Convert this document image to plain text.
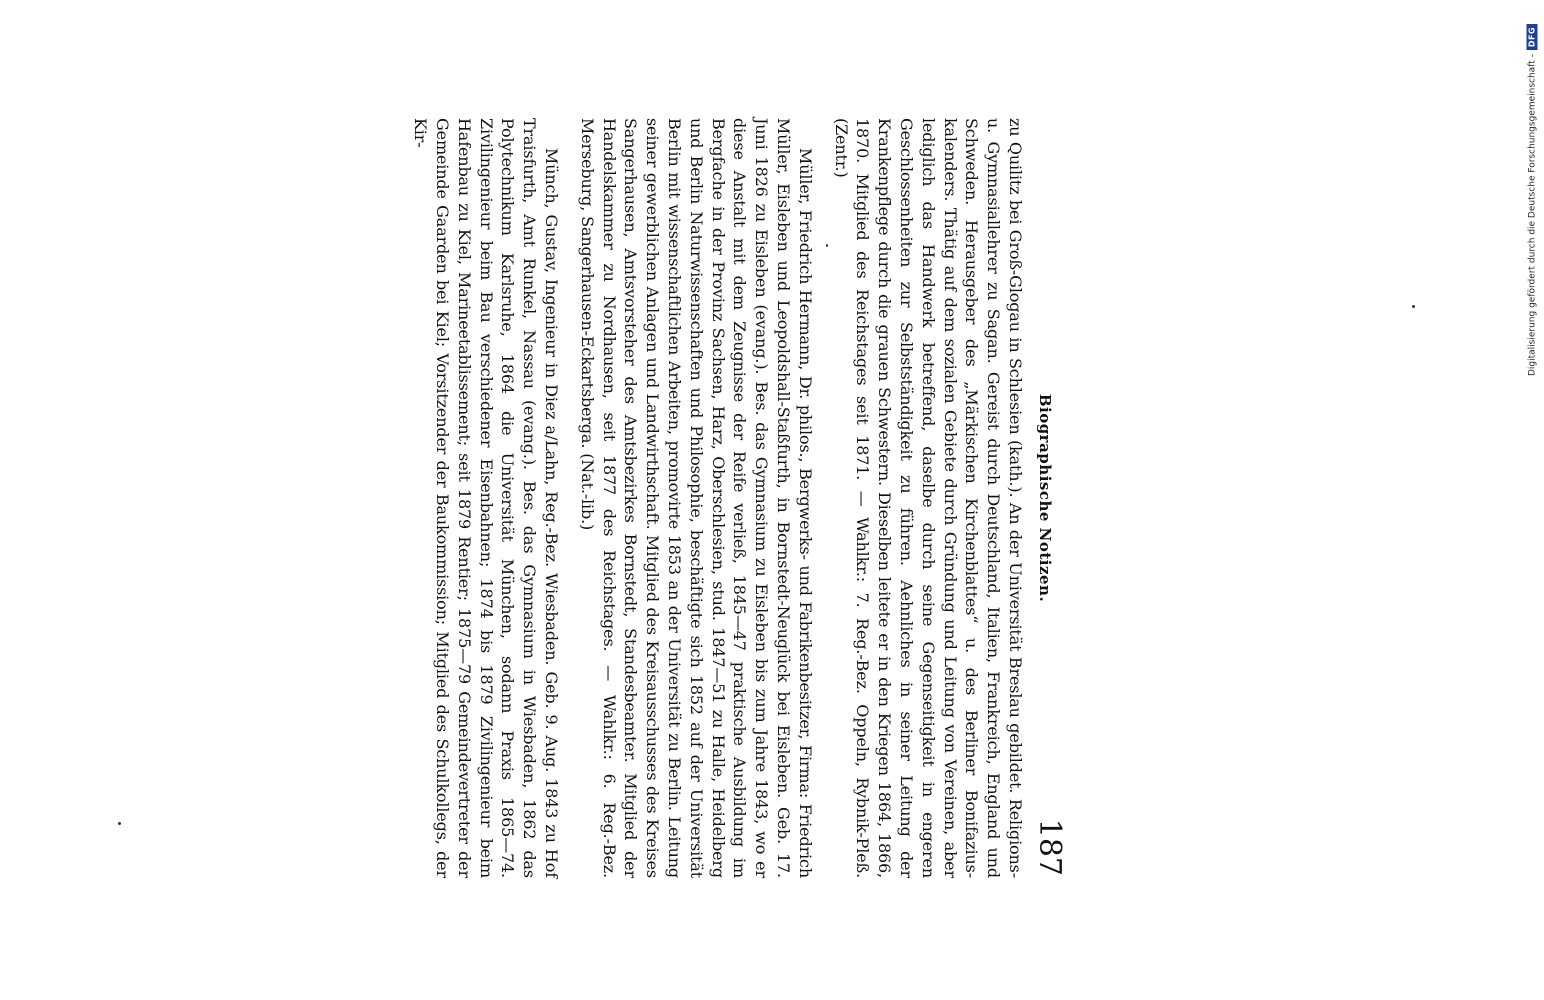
Biographische Notizen.
187

zu Quilitz bei Groß-Glogau in Schlesien (kath.). An der Universität Breslau gebildet. Religions- u. Gymnasiallehrer zu Sagan. Gereist durch Deutschland, Italien, Frankreich, England und Schweden. Herausgeber des „Märkischen Kirchenblattes“ u. des Berliner Bonifazius-kalenders. Thätig auf dem sozialen Gebiete durch Gründung und Leitung von Vereinen, aber lediglich das Handwerk betreffend, daselbe durch seine Gegenseitigkeit in engeren Geschlossenheiten zur Selbstständigkeit zu führen. Aehnliches in seiner Leitung der Krankenpflege durch die grauen Schwestern. Dieselben leitete er in den Kriegen 1864, 1866, 1870. Mitglied des Reichstages seit 1871. — Wahlkr.: 7. Reg.-Bez. Oppeln, Rybnik-Pleß. (Zentr.)

Müller, Friedrich Hermann, Dr. philos., Bergwerks- und Fabrikenbesitzer, Firma: Friedrich Müller, Eisleben und Leopoldshall-Staßfurth, in Bornstedt-Neuglück bei Eisleben. Geb. 17. Juni 1826 zu Eisleben (evang.). Bes. das Gymnasium zu Eisleben bis zum Jahre 1843, wo er diese Anstalt mit dem Zeugnisse der Reife verließ, 1845—47 praktische Ausbildung im Bergfache in der Provinz Sachsen, Harz, Oberschlesien, stud. 1847—51 zu Halle, Heidelberg und Berlin Naturwissenschaften und Philosophie, beschäftigte sich 1852 auf der Universität Berlin mit wissenschaftlichen Arbeiten, promovirte 1853 an der Universität zu Berlin. Leitung seiner gewerblichen Anlagen und Landwirthschaft. Mitglied des Kreisausschusses des Kreises Sangerhausen, Amtsvorsteher des Amtsbezirkes Bornstedt, Standesbeamter. Mitglied der Handelskammer zu Nordhausen, seit 1877 des Reichstages. — Wahlkr.: 6. Reg.-Bez. Merseburg, Sangerhausen-Eckartsberga. (Nat.-lib.)

Münch, Gustav, Ingenieur in Diez a/Lahn, Reg.-Bez. Wiesbaden. Geb. 9. Aug. 1843 zu Hof Traisfurth, Amt Runkel, Nassau (evang.). Bes. das Gymnasium in Wiesbaden, 1862 das Polytechnikum Karlsruhe, 1864 die Universität München, sodann Praxis 1865—74. Zivilingenieur beim Bau verschiedener Eisenbahnen; 1874 bis 1879 Zivilingenieur beim Hafenbau zu Kiel, Marineetablissement; seit 1879 Rentier; 1875—79 Gemeindevertreter der Gemeinde Gaarden bei Kiel; Vorsitzender der Baukommission; Mitglied des Schulkollegs, der Kir-	Digitalisierung gefördert durch die Deutsche Forschungsgemeinschaft -
DFG
